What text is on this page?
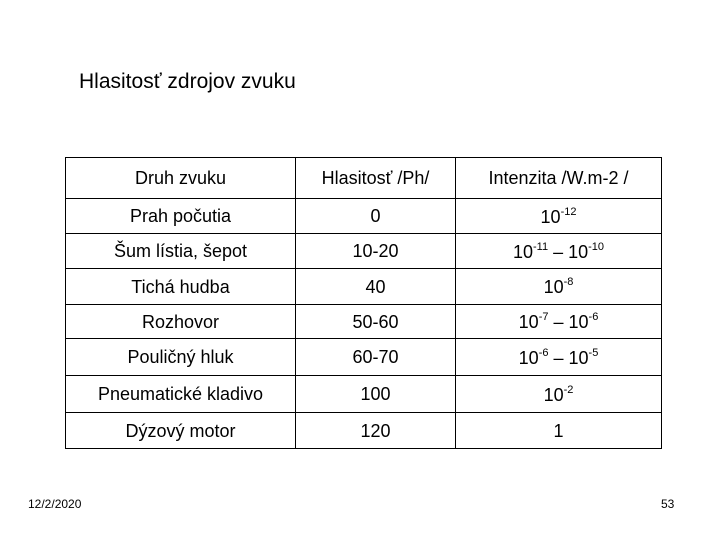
Hlasitosť zdrojov zvuku
Druh zvuku	Hlasitosť /Ph/	Intenzita /W.m-2 /
Prah počutia	0	$10^{-12}$
Šum lístia, šepot	10-20	$10^{-11} - 10^{-10}$
Tichá hudba	40	$10^{-8}$
Rozhovor	50-60	$10^{-7} - 10^{-6}$
Pouličný hluk	60-70	$10^{-6} - 10^{-5}$
Pneumatické kladivo	100	$10^{-2}$
Dýzový motor	120	1
12/2/2020	53
